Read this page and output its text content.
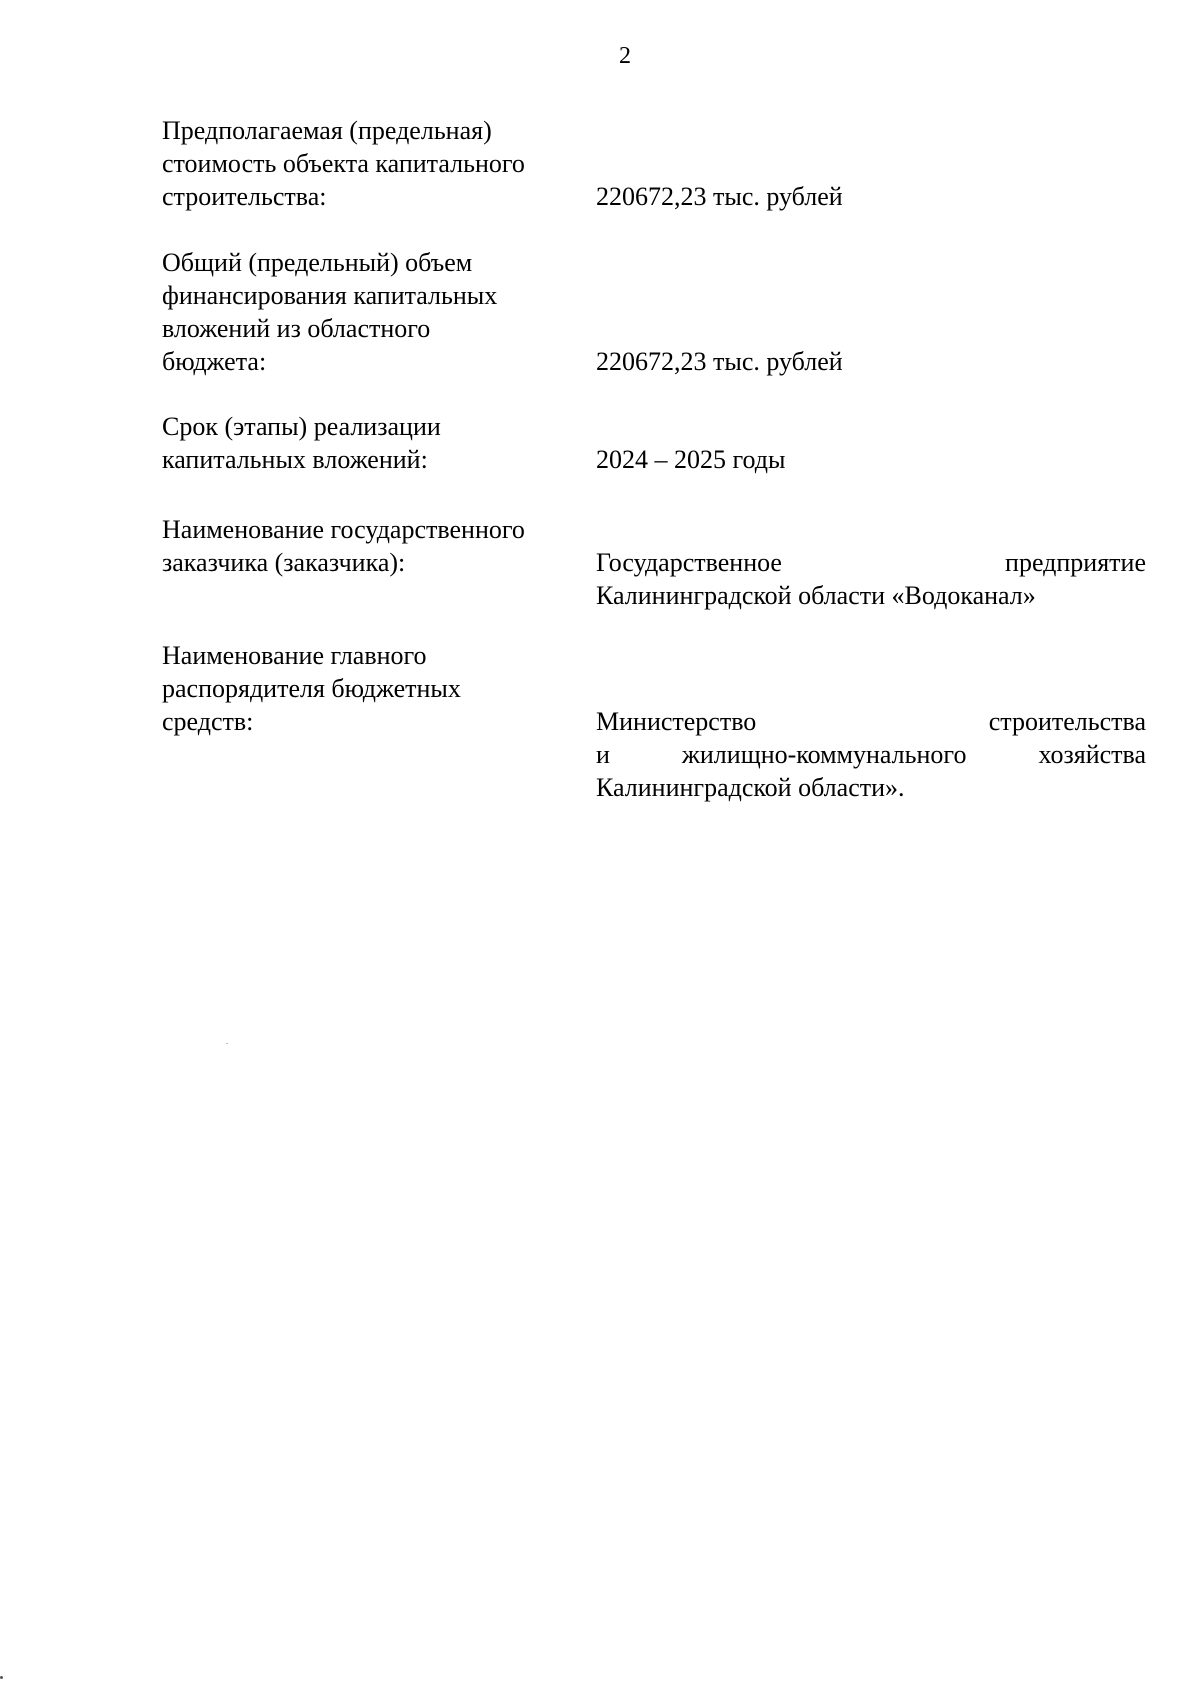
2
Предполагаемая (предельная)
стоимость объекта капитального
строительства:	220672,23 тыс. рублей
Общий (предельный) объем
финансирования капитальных
вложений из областного
бюджета:	220672,23 тыс. рублей
Срок (этапы) реализации
капитальных вложений:	2024 – 2025 годы
Наименование государственного
заказчика (заказчика):	Государственное предприятие
Калининградской области «Водоканал»
Наименование главного
распорядителя бюджетных
средств:	Министерство строительства
и жилищно-коммунального хозяйства
Калининградской области».
